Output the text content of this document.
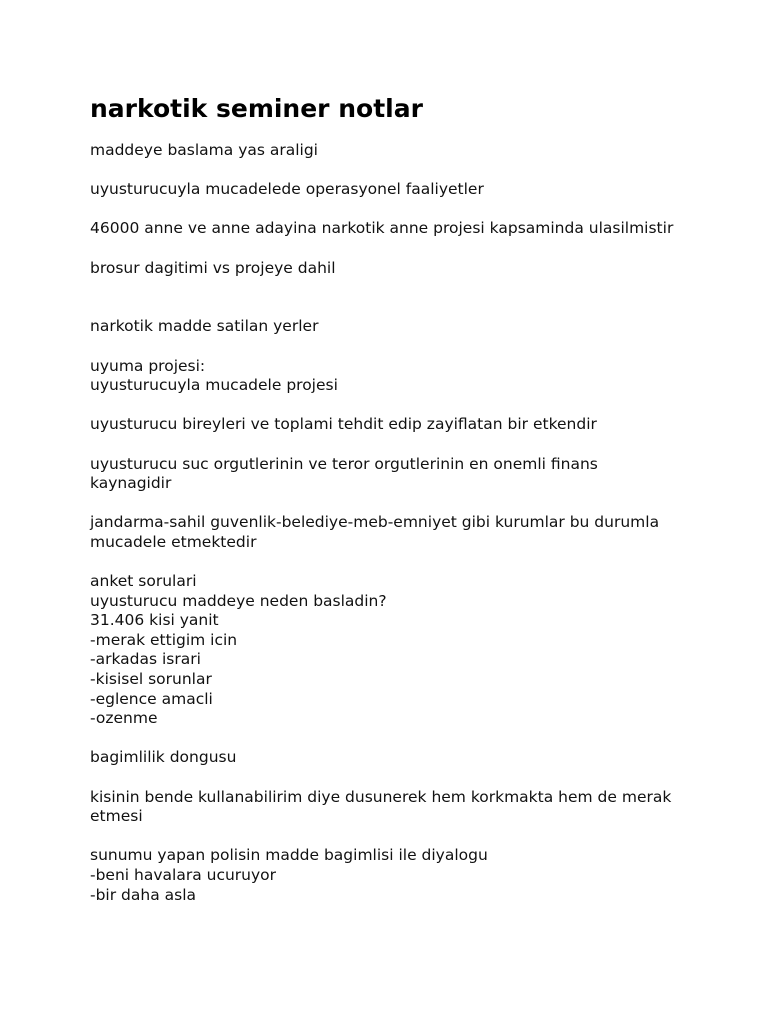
narkotik seminer notlar
maddeye baslama yas araligi
uyusturucuyla mucadelede operasyonel faaliyetler
46000 anne ve anne adayina narkotik anne projesi kapsaminda ulasilmistir
brosur dagitimi vs projeye dahil
narkotik madde satilan yerler
uyuma projesi:
uyusturucuyla mucadele projesi
uyusturucu bireyleri ve toplami tehdit edip zayiflatan bir etkendir
uyusturucu suc orgutlerinin ve teror orgutlerinin en onemli finans kaynagidir
jandarma-sahil guvenlik-belediye-meb-emniyet gibi kurumlar bu durumla mucadele etmektedir
anket sorulari
uyusturucu maddeye neden basladin?
31.406 kisi yanit
-merak ettigim icin
-arkadas israri
-kisisel sorunlar
-eglence amacli
-ozenme
bagimlilik dongusu
kisinin bende kullanabilirim diye dusunerek hem korkmakta hem de merak etmesi
sunumu yapan polisin madde bagimlisi ile diyalogu
-beni havalara ucuruyor
-bir daha asla
